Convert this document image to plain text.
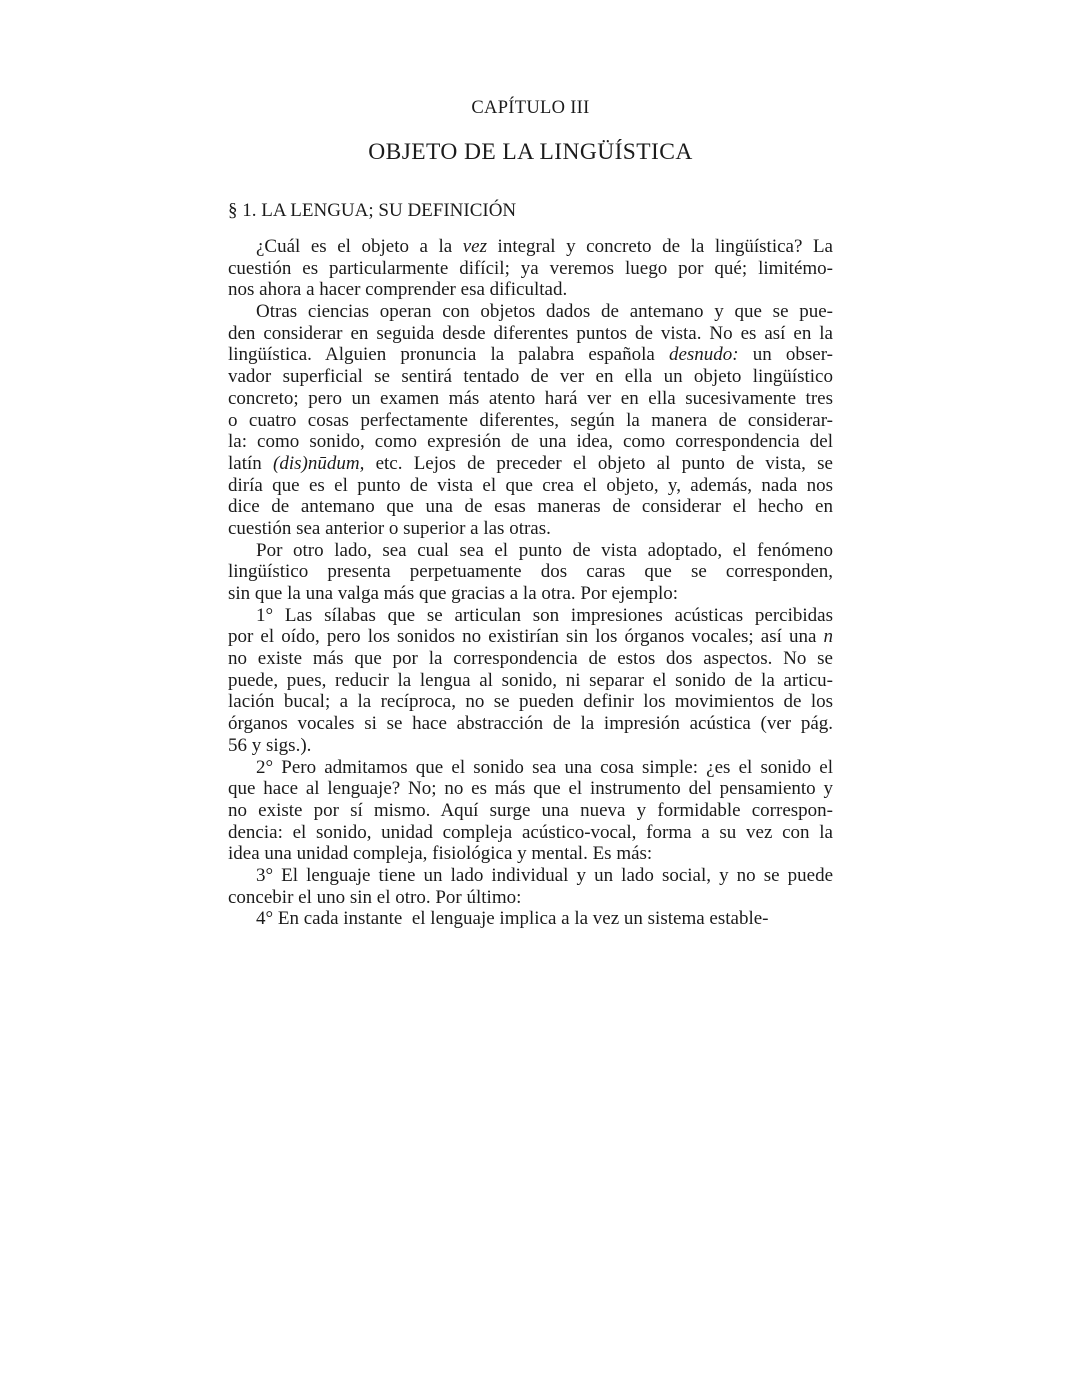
CAPÍTULO III
OBJETO DE LA LINGÜÍSTICA
§ 1. LA LENGUA; SU DEFINICIÓN
¿Cuál es el objeto a la vez integral y concreto de la lingüística? La
cuestión es particularmente difícil; ya veremos luego por qué; limitémo-
nos ahora a hacer comprender esa dificultad.
Otras ciencias operan con objetos dados de antemano y que se pue-
den considerar en seguida desde diferentes puntos de vista. No es así en la
lingüística. Alguien pronuncia la palabra española desnudo: un obser-
vador superficial se sentirá tentado de ver en ella un objeto lingüístico
concreto; pero un examen más atento hará ver en ella sucesivamente tres
o cuatro cosas perfectamente diferentes, según la manera de considerar-
la: como sonido, como expresión de una idea, como correspondencia del
latín (dis)nūdum, etc. Lejos de preceder el objeto al punto de vista, se
diría que es el punto de vista el que crea el objeto, y, además, nada nos
dice de antemano que una de esas maneras de considerar el hecho en
cuestión sea anterior o superior a las otras.
Por otro lado, sea cual sea el punto de vista adoptado, el fenómeno
lingüístico presenta perpetuamente dos caras que se corresponden,
sin que la una valga más que gracias a la otra. Por ejemplo:
1° Las sílabas que se articulan son impresiones acústicas percibidas
por el oído, pero los sonidos no existirían sin los órganos vocales; así una n
no existe más que por la correspondencia de estos dos aspectos. No se
puede, pues, reducir la lengua al sonido, ni separar el sonido de la articu-
lación bucal; a la recíproca, no se pueden definir los movimientos de los
órganos vocales si se hace abstracción de la impresión acústica (ver pág.
56 y sigs.).
2° Pero admitamos que el sonido sea una cosa simple: ¿es el sonido el
que hace al lenguaje? No; no es más que el instrumento del pensamiento y
no existe por sí mismo. Aquí surge una nueva y formidable correspon-
dencia: el sonido, unidad compleja acústico-vocal, forma a su vez con la
idea una unidad compleja, fisiológica y mental. Es más:
3° El lenguaje tiene un lado individual y un lado social, y no se puede
concebir el uno sin el otro. Por último:
4° En cada instante  el lenguaje implica a la vez un sistema estable-
